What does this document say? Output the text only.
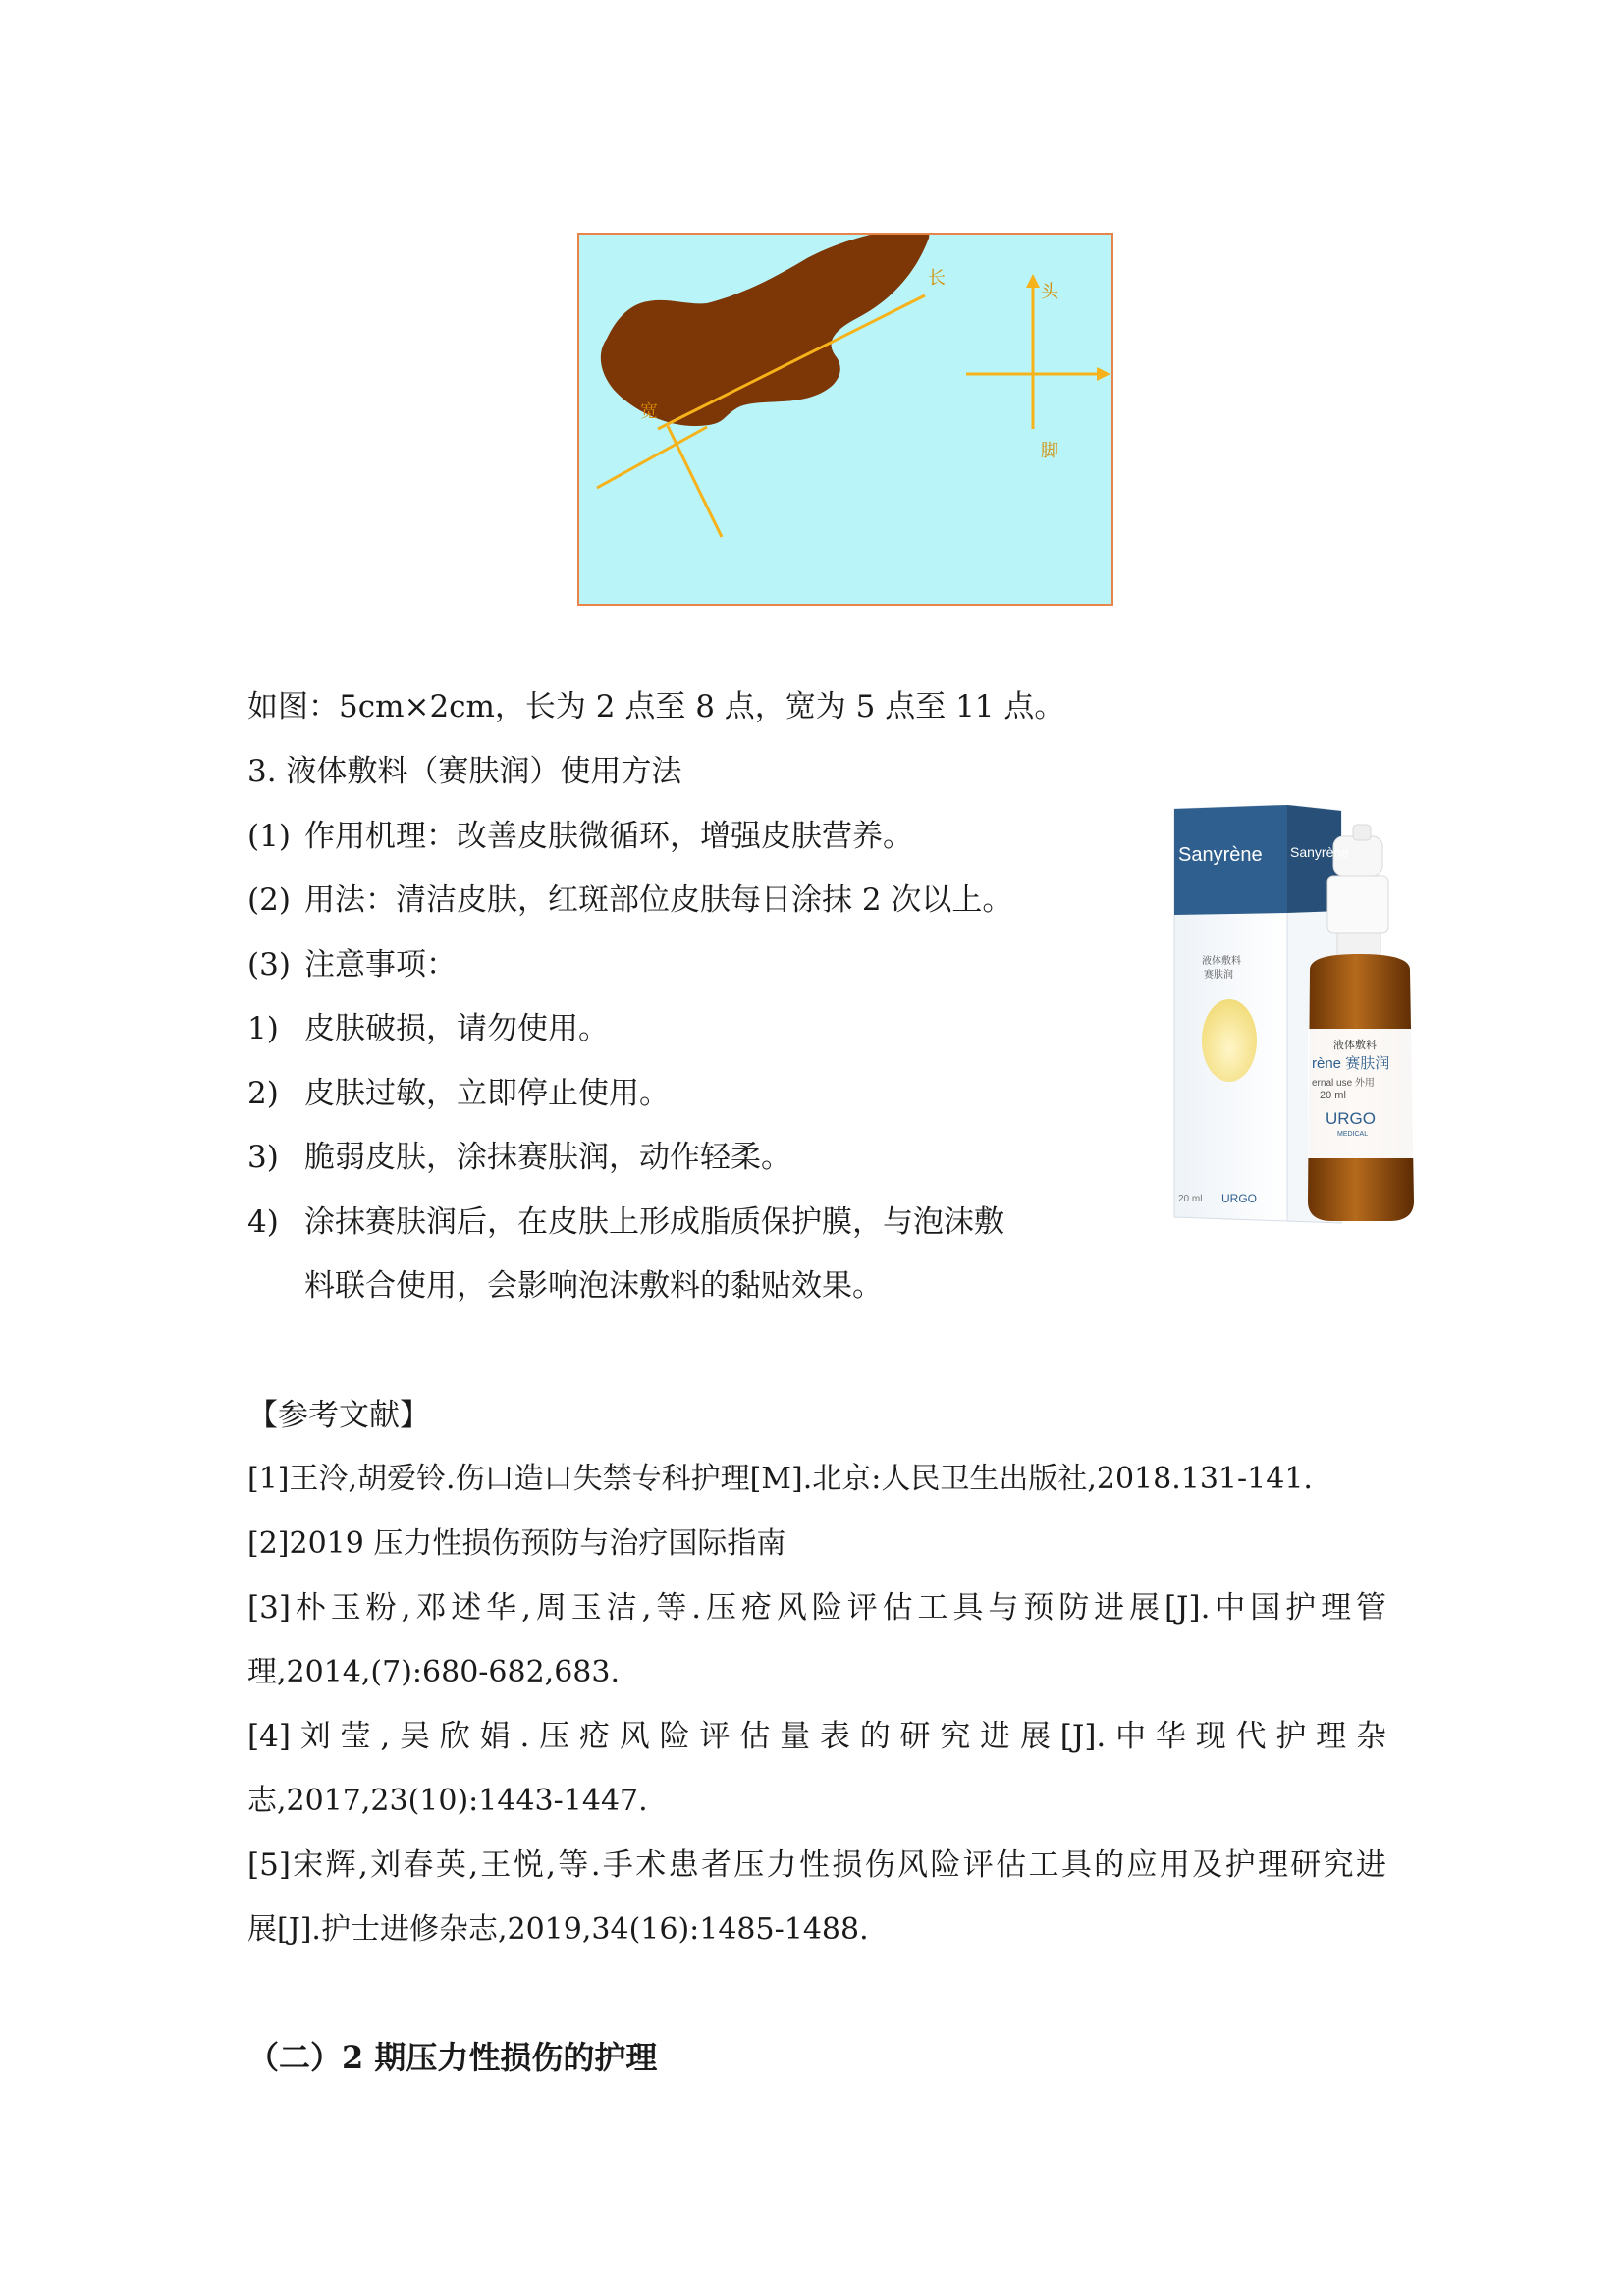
长
宽
头
脚
如图：5cm×2cm，长为 2 点至 8 点，宽为 5 点至 11 点。
3. 液体敷料（赛肤润）使用方法
(1) 作用机理：改善皮肤微循环，增强皮肤营养。
(2) 用法：清洁皮肤，红斑部位皮肤每日涂抹 2 次以上。
(3) 注意事项：
1) 皮肤破损，请勿使用。
2) 皮肤过敏，立即停止使用。
3) 脆弱皮肤，涂抹赛肤润，动作轻柔。
4) 涂抹赛肤润后，在皮肤上形成脂质保护膜，与泡沫敷
料联合使用，会影响泡沫敷料的黏贴效果。
Sanyrène Sanyrène
液体敷料
赛肤润
液体敷料
rène 赛肤润
ernal use 外用
20 ml
URGO
MEDICAL
20 ml URGO
【参考文献】
[1]王泠,胡爱铃.伤口造口失禁专科护理[M].北京:人民卫生出版社,2018.131-141.
[2]2019 压力性损伤预防与治疗国际指南
[3]朴玉粉,邓述华,周玉洁,等.压疮风险评估工具与预防进展[J].中国护理管
理,2014,(7):680-682,683.
[4]刘莹,吴欣娟.压疮风险评估量表的研究进展[J].中华现代护理杂
志,2017,23(10):1443-1447.
[5]宋辉,刘春英,王悦,等.手术患者压力性损伤风险评估工具的应用及护理研究进
展[J].护士进修杂志,2019,34(16):1485-1488.
（二）2 期压力性损伤的护理
